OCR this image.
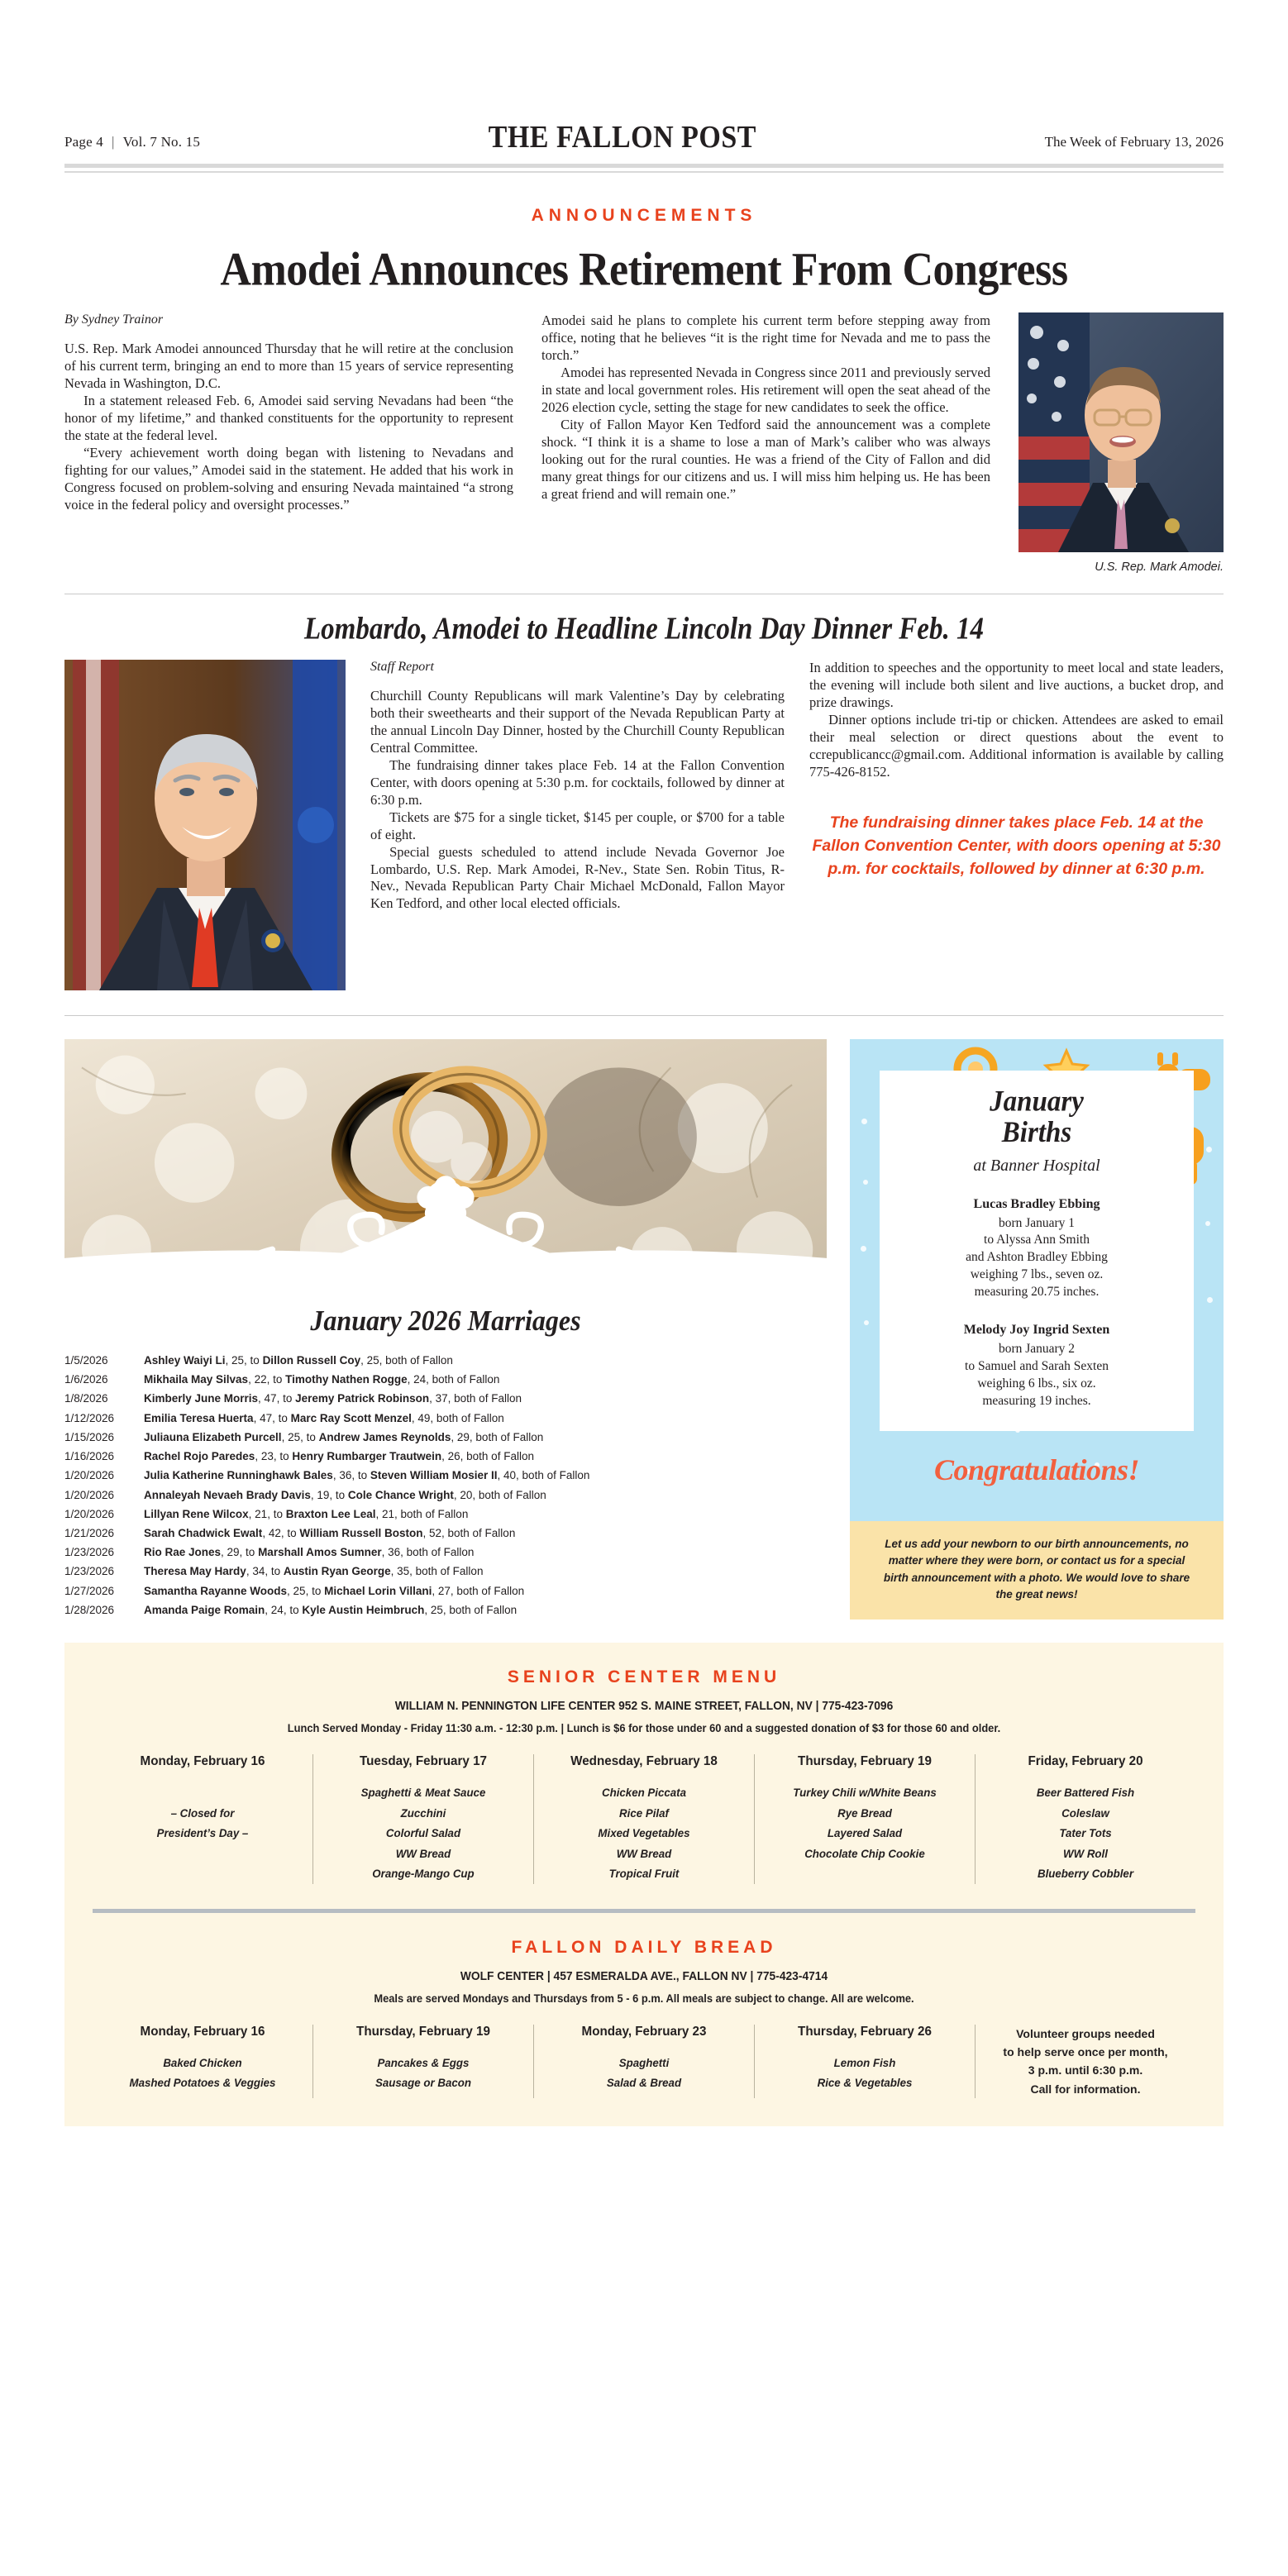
Page 4 | Vol. 7 No. 15	THE FALLON POST	The Week of February 13, 2026
ANNOUNCEMENTS
Amodei Announces Retirement From Congress
By Sydney Trainor

U.S. Rep. Mark Amodei announced Thursday that he will retire at the conclusion of his current term, bringing an end to more than 15 years of service representing Nevada in Washington, D.C.

In a statement released Feb. 6, Amodei said serving Nevadans had been “the honor of my lifetime,” and thanked constituents for the opportunity to represent the state at the federal level.

“Every achievement worth doing began with listening to Nevadans and fighting for our values,” Amodei said in the statement. He added that his work in Congress focused on problem-solving and ensuring Nevada maintained “a strong voice in the federal policy and oversight processes.”

Amodei said he plans to complete his current term before stepping away from office, noting that he believes “it is the right time for Nevada and me to pass the torch.”

Amodei has represented Nevada in Congress since 2011 and previously served in state and local government roles. His retirement will open the seat ahead of the 2026 election cycle, setting the stage for new candidates to seek the office.

City of Fallon Mayor Ken Tedford said the announcement was a complete shock. “I think it is a shame to lose a man of Mark’s caliber who was always looking out for the rural counties. He was a friend of the City of Fallon and did many great things for our citizens and us. I will miss him helping us. He has been a great friend and will remain one.”

U.S. Rep. Mark Amodei.
Lombardo, Amodei to Headline Lincoln Day Dinner Feb. 14
Staff Report

Churchill County Republicans will mark Valentine’s Day by celebrating both their sweethearts and their support of the Nevada Republican Party at the annual Lincoln Day Dinner, hosted by the Churchill County Republican Central Committee.

The fundraising dinner takes place Feb. 14 at the Fallon Convention Center, with doors opening at 5:30 p.m. for cocktails, followed by dinner at 6:30 p.m.

Tickets are $75 for a single ticket, $145 per couple, or $700 for a table of eight.

Special guests scheduled to attend include Nevada Governor Joe Lombardo, U.S. Rep. Mark Amodei, R-Nev., State Sen. Robin Titus, R-Nev., Nevada Republican Party Chair Michael McDonald, Fallon Mayor Ken Tedford, and other local elected officials.

In addition to speeches and the opportunity to meet local and state leaders, the evening will include both silent and live auctions, a bucket drop, and prize drawings.

Dinner options include tri-tip or chicken. Attendees are asked to email their meal selection or direct questions about the event to ccrepublicancc@gmail.com. Additional information is available by calling 775-426-8152.

The fundraising dinner takes place Feb. 14 at the Fallon Convention Center, with doors opening at 5:30 p.m. for cocktails, followed by dinner at 6:30 p.m.
January 2026 Marriages
1/5/2026	Ashley Waiyi Li, 25, to Dillon Russell Coy, 25, both of Fallon
1/6/2026	Mikhaila May Silvas, 22, to Timothy Nathen Rogge, 24, both of Fallon
1/8/2026	Kimberly June Morris, 47, to Jeremy Patrick Robinson, 37, both of Fallon
1/12/2026	Emilia Teresa Huerta, 47, to Marc Ray Scott Menzel, 49, both of Fallon
1/15/2026	Juliauna Elizabeth Purcell, 25, to Andrew James Reynolds, 29, both of Fallon
1/16/2026	Rachel Rojo Paredes, 23, to Henry Rumbarger Trautwein, 26, both of Fallon
1/20/2026	Julia Katherine Runninghawk Bales, 36, to Steven William Mosier II, 40, both of Fallon
1/20/2026	Annaleyah Nevaeh Brady Davis, 19, to Cole Chance Wright, 20, both of Fallon
1/20/2026	Lillyan Rene Wilcox, 21, to Braxton Lee Leal, 21, both of Fallon
1/21/2026	Sarah Chadwick Ewalt, 42, to William Russell Boston, 52, both of Fallon
1/23/2026	Rio Rae Jones, 29, to Marshall Amos Sumner, 36, both of Fallon
1/23/2026	Theresa May Hardy, 34, to Austin Ryan George, 35, both of Fallon
1/27/2026	Samantha Rayanne Woods, 25, to Michael Lorin Villani, 27, both of Fallon
1/28/2026	Amanda Paige Romain, 24, to Kyle Austin Heimbruch, 25, both of Fallon
January
Births
at Banner Hospital
Lucas Bradley Ebbing
born January 1
to Alyssa Ann Smith
and Ashton Bradley Ebbing
weighing 7 lbs., seven oz.
measuring 20.75 inches.
Melody Joy Ingrid Sexten
born January 2
to Samuel and Sarah Sexten
weighing 6 lbs., six oz.
measuring 19 inches.
Congratulations!
Let us add your newborn to our birth announcements, no matter where they were born, or contact us for a special birth announcement with a photo. We would love to share the great news!
SENIOR CENTER MENU
WILLIAM N. PENNINGTON LIFE CENTER 952 S. MAINE STREET, FALLON, NV | 775-423-7096
Lunch Served Monday - Friday 11:30 a.m. - 12:30 p.m. | Lunch is $6 for those under 60 and a suggested donation of $3 for those 60 and older.
Monday, February 16

– Closed for
President’s Day –
Tuesday, February 17
Spaghetti & Meat Sauce
Zucchini
Colorful Salad
WW Bread
Orange-Mango Cup
Wednesday, February 18
Chicken Piccata
Rice Pilaf
Mixed Vegetables
WW Bread
Tropical Fruit
Thursday, February 19
Turkey Chili w/White Beans
Rye Bread
Layered Salad
Chocolate Chip Cookie
Friday, February 20
Beer Battered Fish
Coleslaw
Tater Tots
WW Roll
Blueberry Cobbler
FALLON DAILY BREAD
WOLF CENTER | 457 ESMERALDA AVE., FALLON NV | 775-423-4714
Meals are served Mondays and Thursdays from 5 - 6 p.m. All meals are subject to change. All are welcome.
Monday, February 16
Baked Chicken
Mashed Potatoes & Veggies
Thursday, February 19
Pancakes & Eggs
Sausage or Bacon
Monday, February 23
Spaghetti
Salad & Bread
Thursday, February 26
Lemon Fish
Rice & Vegetables
Volunteer groups needed
to help serve once per month,
3 p.m. until 6:30 p.m.
Call for information.
